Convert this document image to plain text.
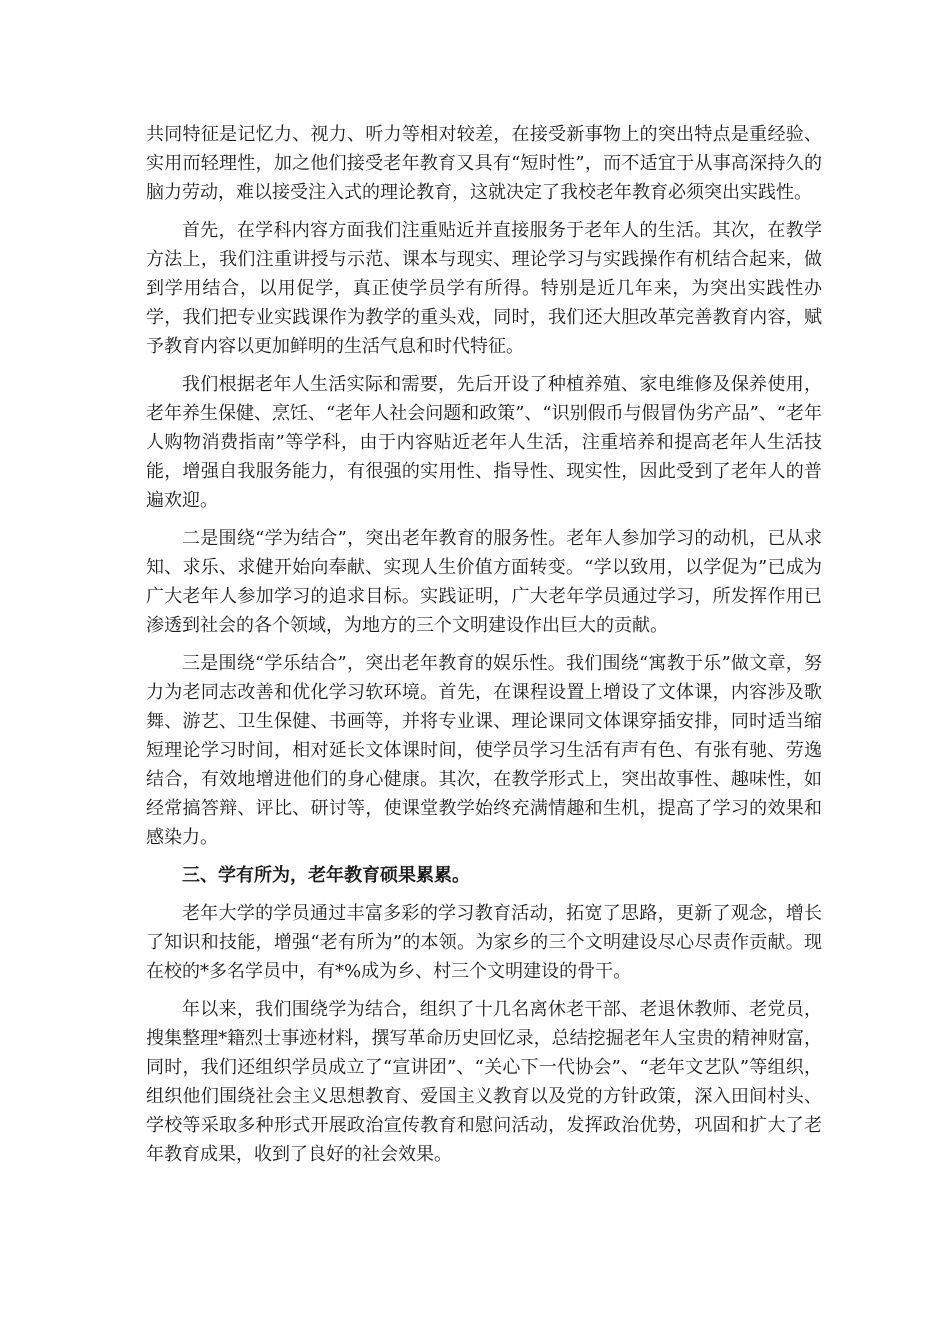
共同特征是记忆力、视力、听力等相对较差，在接受新事物上的突出特点是重经验、实用而轻理性，加之他们接受老年教育又具有“短时性”，而不适宜于从事高深持久的脑力劳动，难以接受注入式的理论教育，这就决定了我校老年教育必须突出实践性。

首先，在学科内容方面我们注重贴近并直接服务于老年人的生活。其次，在教学方法上，我们注重讲授与示范、课本与现实、理论学习与实践操作有机结合起来，做到学用结合，以用促学，真正使学员学有所得。特别是近几年来，为突出实践性办学，我们把专业实践课作为教学的重头戏，同时，我们还大胆改革完善教育内容，赋予教育内容以更加鲜明的生活气息和时代特征。

我们根据老年人生活实际和需要，先后开设了种植养殖、家电维修及保养使用，老年养生保健、烹饪、“老年人社会问题和政策”、“识别假币与假冒伪劣产品”、“老年人购物消费指南”等学科，由于内容贴近老年人生活，注重培养和提高老年人生活技能，增强自我服务能力，有很强的实用性、指导性、现实性，因此受到了老年人的普遍欢迎。

二是围绕“学为结合”，突出老年教育的服务性。老年人参加学习的动机，已从求知、求乐、求健开始向奉献、实现人生价值方面转变。“学以致用，以学促为”已成为广大老年人参加学习的追求目标。实践证明，广大老年学员通过学习，所发挥作用已渗透到社会的各个领域，为地方的三个文明建设作出巨大的贡献。

三是围绕“学乐结合”，突出老年教育的娱乐性。我们围绕“寓教于乐”做文章，努力为老同志改善和优化学习软环境。首先，在课程设置上增设了文体课，内容涉及歌舞、游艺、卫生保健、书画等，并将专业课、理论课同文体课穿插安排，同时适当缩短理论学习时间，相对延长文体课时间，使学员学习生活有声有色、有张有驰、劳逸结合，有效地增进他们的身心健康。其次，在教学形式上，突出故事性、趣味性，如经常搞答辩、评比、研讨等，使课堂教学始终充满情趣和生机，提高了学习的效果和感染力。

三、学有所为，老年教育硕果累累。

老年大学的学员通过丰富多彩的学习教育活动，拓宽了思路，更新了观念，增长了知识和技能，增强“老有所为”的本领。为家乡的三个文明建设尽心尽责作贡献。现在校的*多名学员中，有*%成为乡、村三个文明建设的骨干。

年以来，我们围绕学为结合，组织了十几名离休老干部、老退休教师、老党员，搜集整理*籍烈士事迹材料，撰写革命历史回忆录，总结挖掘老年人宝贵的精神财富，同时，我们还组织学员成立了“宣讲团”、“关心下一代协会”、“老年文艺队”等组织，组织他们围绕社会主义思想教育、爱国主义教育以及党的方针政策，深入田间村头、学校等采取多种形式开展政治宣传教育和慰问活动，发挥政治优势，巩固和扩大了老年教育成果，收到了良好的社会效果。
